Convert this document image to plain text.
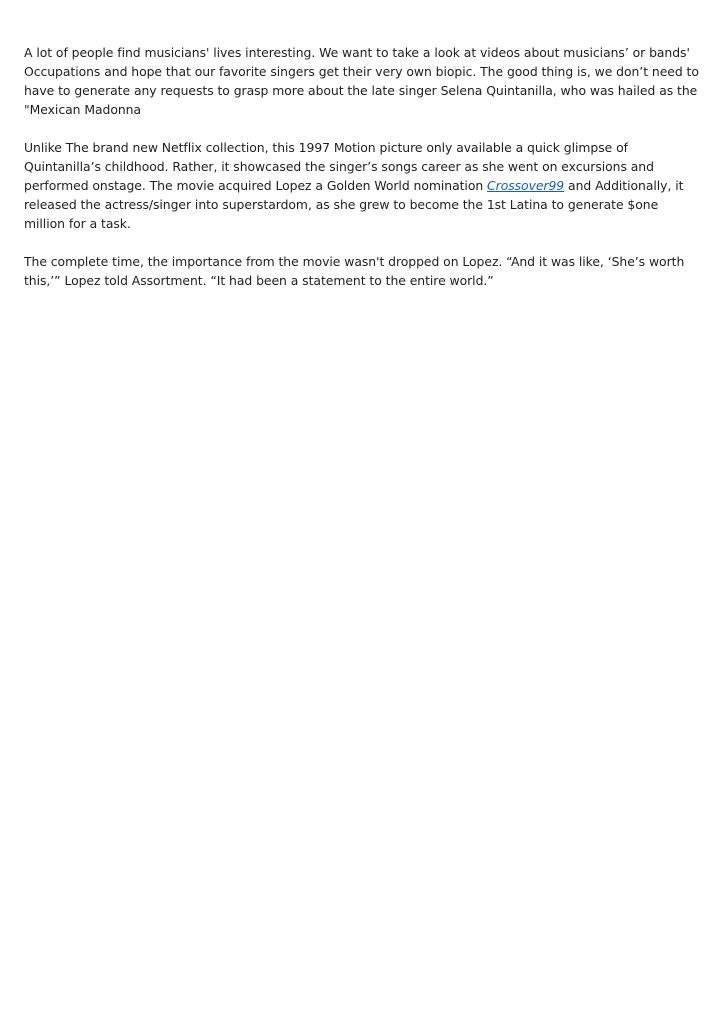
A lot of people find musicians' lives interesting. We want to take a look at videos about musicians’ or bands' Occupations and hope that our favorite singers get their very own biopic. The good thing is, we don’t need to have to generate any requests to grasp more about the late singer Selena Quintanilla, who was hailed as the "Mexican Madonna

Unlike The brand new Netflix collection, this 1997 Motion picture only available a quick glimpse of Quintanilla’s childhood. Rather, it showcased the singer’s songs career as she went on excursions and performed onstage. The movie acquired Lopez a Golden World nomination Crossover99 and Additionally, it released the actress/singer into superstardom, as she grew to become the 1st Latina to generate $one million for a task.

The complete time, the importance from the movie wasn't dropped on Lopez. “And it was like, ‘She’s worth this,’” Lopez told Assortment. “It had been a statement to the entire world.”
